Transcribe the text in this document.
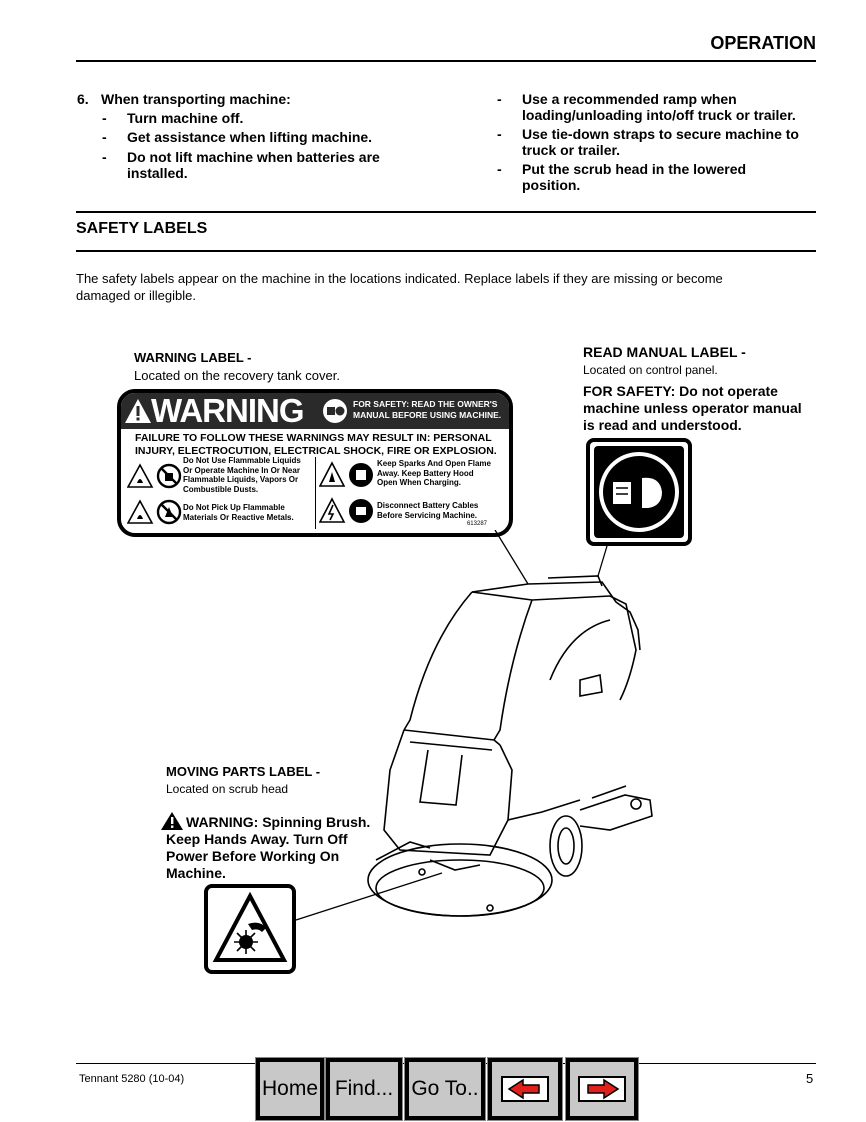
OPERATION
6. When transporting machine:
- Turn machine off.
- Get assistance when lifting machine.
- Do not lift machine when batteries are
installed.
- Use a recommended ramp when
loading/unloading into/off truck or trailer.
- Use tie-down straps to secure machine to
truck or trailer.
- Put the scrub head in the lowered
position.
SAFETY LABELS
The safety labels appear on the machine in the locations indicated. Replace labels if they are missing or become
damaged or illegible.
WARNING LABEL -
Located on the recovery tank cover.
WARNING	FOR SAFETY: READ THE OWNER'S
MANUAL BEFORE USING MACHINE.
FAILURE TO FOLLOW THESE WARNINGS MAY RESULT IN: PERSONAL
INJURY, ELECTROCUTION, ELECTRICAL SHOCK, FIRE OR EXPLOSION.
Do Not Use Flammable Liquids
Or Operate Machine In Or Near
Flammable Liquids, Vapors Or
Combustible Dusts.
Do Not Pick Up Flammable
Materials Or Reactive Metals.
Keep Sparks And Open Flame
Away. Keep Battery Hood
Open When Charging.
Disconnect Battery Cables
Before Servicing Machine.
613287
READ MANUAL LABEL -
Located on control panel.
FOR SAFETY: Do not operate
machine unless operator manual
is read and understood.
MOVING PARTS LABEL -
Located on scrub head
WARNING: Spinning Brush.
Keep Hands Away. Turn Off
Power Before Working On
Machine.
Tennant 5280 (10-04)	5
Home Find... Go To..
